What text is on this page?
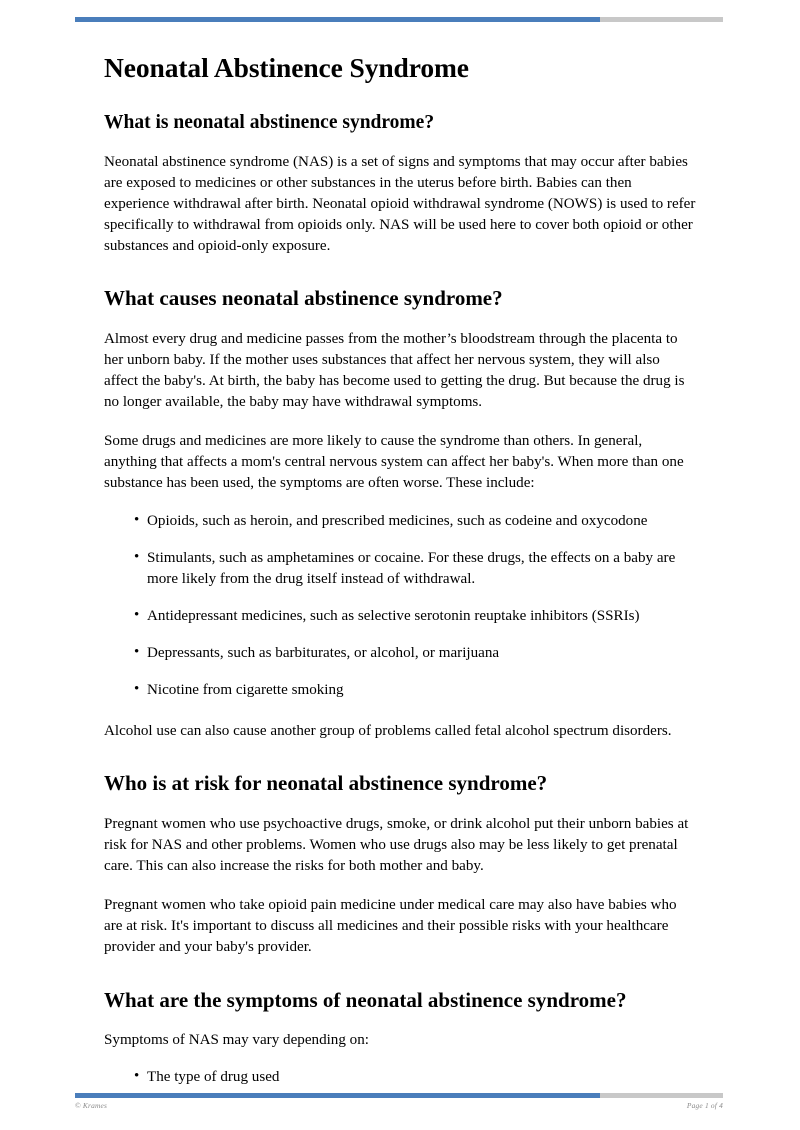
Neonatal Abstinence Syndrome
What is neonatal abstinence syndrome?

Neonatal abstinence syndrome (NAS) is a set of signs and symptoms that may occur after babies are exposed to medicines or other substances in the uterus before birth. Babies can then experience withdrawal after birth. Neonatal opioid withdrawal syndrome (NOWS) is used to refer specifically to withdrawal from opioids only. NAS will be used here to cover both opioid or other substances and opioid-only exposure.

What causes neonatal abstinence syndrome?

Almost every drug and medicine passes from the mother’s bloodstream through the placenta to her unborn baby. If the mother uses substances that affect her nervous system, they will also affect the baby's. At birth, the baby has become used to getting the drug. But because the drug is no longer available, the baby may have withdrawal symptoms.

Some drugs and medicines are more likely to cause the syndrome than others. In general, anything that affects a mom's central nervous system can affect her baby's. When more than one substance has been used, the symptoms are often worse. These include:

• Opioids, such as heroin, and prescribed medicines, such as codeine and oxycodone
• Stimulants, such as amphetamines or cocaine. For these drugs, the effects on a baby are more likely from the drug itself instead of withdrawal.
• Antidepressant medicines, such as selective serotonin reuptake inhibitors (SSRIs)
• Depressants, such as barbiturates, or alcohol, or marijuana
• Nicotine from cigarette smoking

Alcohol use can also cause another group of problems called fetal alcohol spectrum disorders.

Who is at risk for neonatal abstinence syndrome?

Pregnant women who use psychoactive drugs, smoke, or drink alcohol put their unborn babies at risk for NAS and other problems. Women who use drugs also may be less likely to get prenatal care. This can also increase the risks for both mother and baby.

Pregnant women who take opioid pain medicine under medical care may also have babies who are at risk. It's important to discuss all medicines and their possible risks with your healthcare provider and your baby's provider.

What are the symptoms of neonatal abstinence syndrome?

Symptoms of NAS may vary depending on:

• The type of drug used
© Krames	Page 1 of 4
